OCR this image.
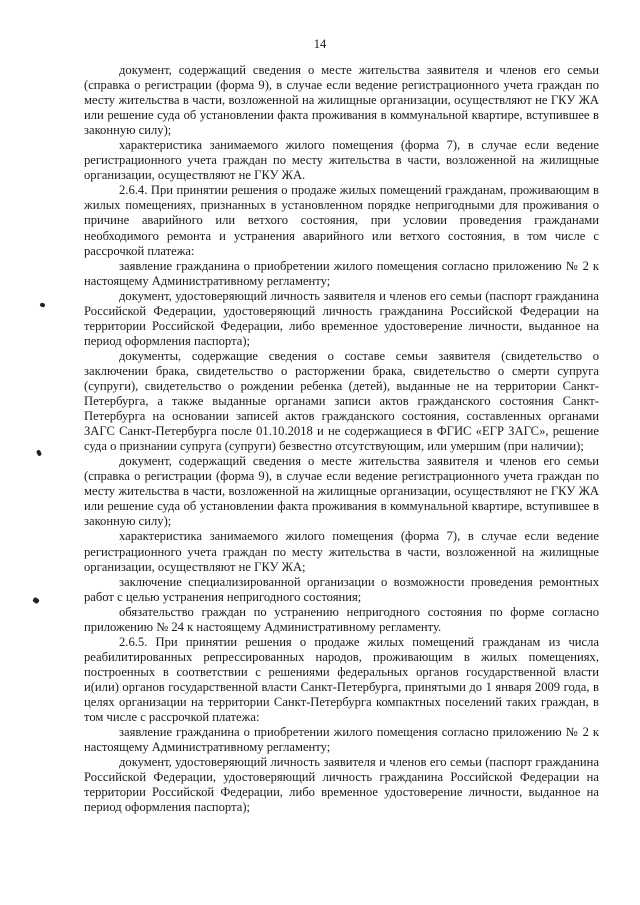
14

документ, содержащий сведения о месте жительства заявителя и членов его семьи (справка о регистрации (форма 9), в случае если ведение регистрационного учета граждан по месту жительства в части, возложенной на жилищные организации, осуществляют не ГКУ ЖА или решение суда об установлении факта проживания в коммунальной квартире, вступившее в законную силу);

характеристика занимаемого жилого помещения (форма 7), в случае если ведение регистрационного учета граждан по месту жительства в части, возложенной на жилищные организации, осуществляют не ГКУ ЖА.

2.6.4. При принятии решения о продаже жилых помещений гражданам, проживающим в жилых помещениях, признанных в установленном порядке непригодными для проживания о причине аварийного или ветхого состояния, при условии проведения гражданами необходимого ремонта и устранения аварийного или ветхого состояния, в том числе с рассрочкой платежа:

заявление гражданина о приобретении жилого помещения согласно приложению № 2 к настоящему Административному регламенту;

документ, удостоверяющий личность заявителя и членов его семьи (паспорт гражданина Российской Федерации, удостоверяющий личность гражданина Российской Федерации на территории Российской Федерации, либо временное удостоверение личности, выданное на период оформления паспорта);

документы, содержащие сведения о составе семьи заявителя (свидетельство о заключении брака, свидетельство о расторжении брака, свидетельство о смерти супруга (супруги), свидетельство о рождении ребенка (детей), выданные не на территории Санкт-Петербурга, а также выданные органами записи актов гражданского состояния Санкт-Петербурга на основании записей актов гражданского состояния, составленных органами ЗАГС Санкт-Петербурга после 01.10.2018 и не содержащиеся в ФГИС «ЕГР ЗАГС», решение суда о признании супруга (супруги) безвестно отсутствующим, или умершим (при наличии);

документ, содержащий сведения о месте жительства заявителя и членов его семьи (справка о регистрации (форма 9), в случае если ведение регистрационного учета граждан по месту жительства в части, возложенной на жилищные организации, осуществляют не ГКУ ЖА или решение суда об установлении факта проживания в коммунальной квартире, вступившее в законную силу);

характеристика занимаемого жилого помещения (форма 7), в случае если ведение регистрационного учета граждан по месту жительства в части, возложенной на жилищные организации, осуществляют не ГКУ ЖА;

заключение специализированной организации о возможности проведения ремонтных работ с целью устранения непригодного состояния;

обязательство граждан по устранению непригодного состояния по форме согласно приложению № 24 к настоящему Административному регламенту.

2.6.5. При принятии решения о продаже жилых помещений гражданам из числа реабилитированных репрессированных народов, проживающим в жилых помещениях, построенных в соответствии с решениями федеральных органов государственной власти и(или) органов государственной власти Санкт-Петербурга, принятыми до 1 января 2009 года, в целях организации на территории Санкт-Петербурга компактных поселений таких граждан, в том числе с рассрочкой платежа:

заявление гражданина о приобретении жилого помещения согласно приложению № 2 к настоящему Административному регламенту;

документ, удостоверяющий личность заявителя и членов его семьи (паспорт гражданина Российской Федерации, удостоверяющий личность гражданина Российской Федерации на территории Российской Федерации, либо временное удостоверение личности, выданное на период оформления паспорта);
